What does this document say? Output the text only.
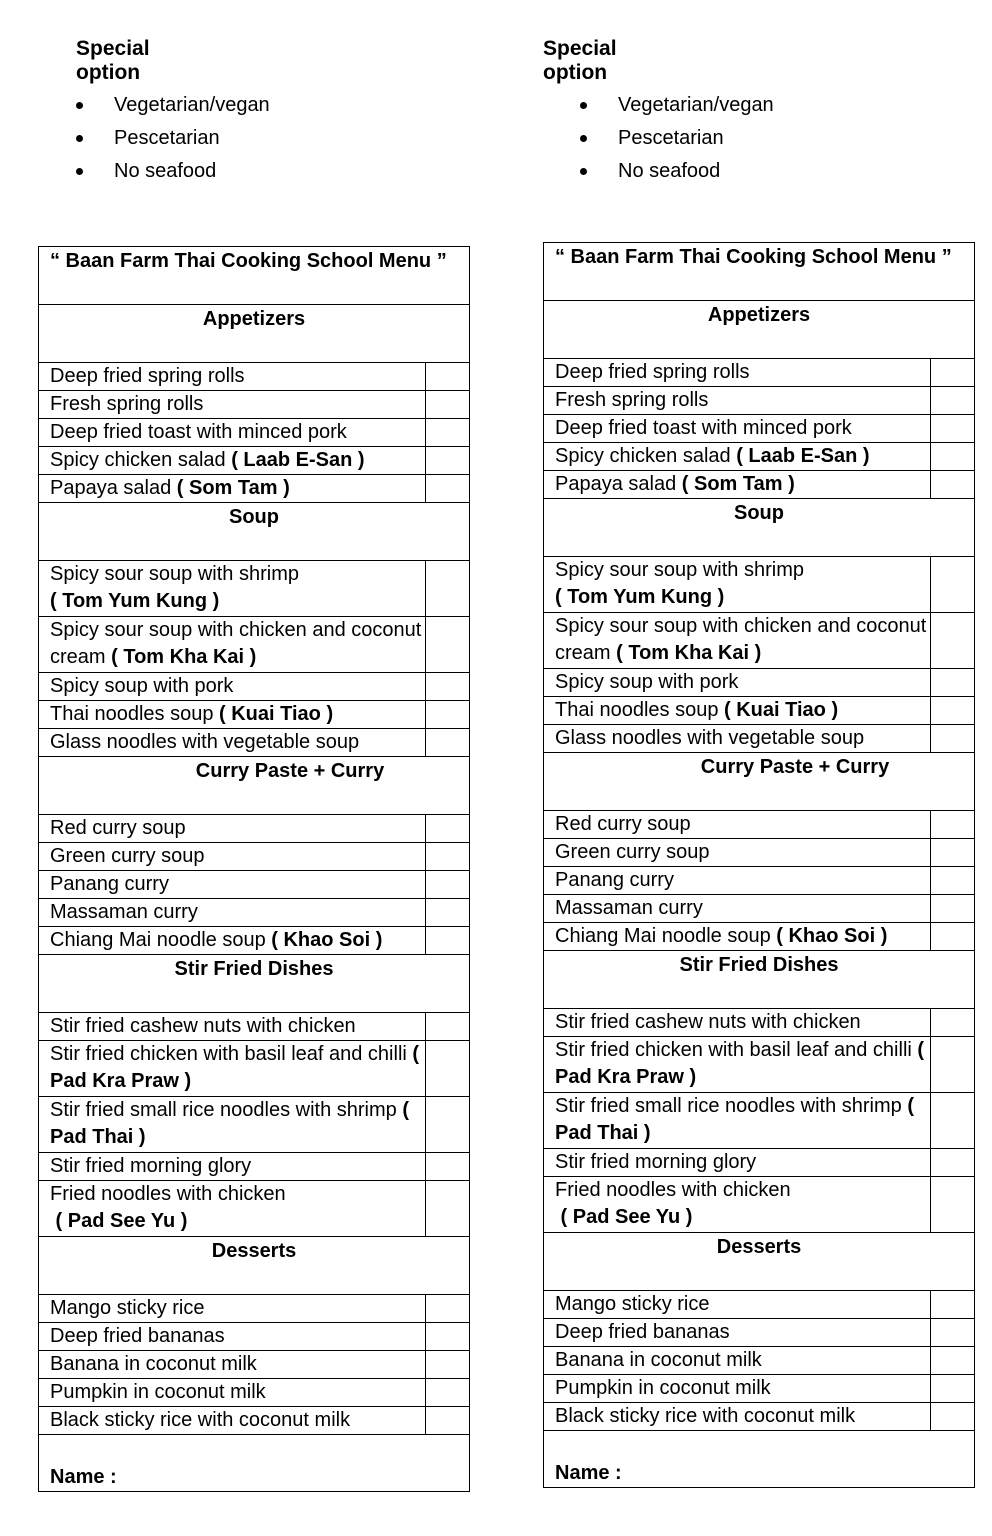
Special option
Vegetarian/vegan
Pescetarian
No seafood
“ Baan Farm Thai Cooking School Menu ”	
Appetizers	
Deep fried spring rolls	
Fresh spring rolls	
Deep fried toast with minced pork	
Spicy chicken salad ( Laab E-San )	
Papaya salad ( Som Tam )	
Soup	
Spicy sour soup with shrimp
( Tom Yum Kung )	
Spicy sour soup with chicken and coconut cream ( Tom Kha Kai )	
Spicy soup with pork	
Thai noodles soup ( Kuai Tiao )	
Glass noodles with vegetable soup	
Curry Paste + Curry	
Red curry soup	
Green curry soup	
Panang curry	
Massaman curry	
Chiang Mai noodle soup ( Khao Soi )	
Stir Fried Dishes	
Stir fried cashew nuts with chicken	
Stir fried chicken with basil leaf and chilli ( Pad Kra Praw )	
Stir fried small rice noodles with shrimp ( Pad Thai )	
Stir fried morning glory	
Fried noodles with chicken
( Pad See Yu )	
Desserts	
Mango sticky rice	
Deep fried bananas	
Banana in coconut milk	
Pumpkin in coconut milk	
Black sticky rice with coconut milk	
Name :	
Special option
Vegetarian/vegan
Pescetarian
No seafood
“ Baan Farm Thai Cooking School Menu ”	
Appetizers	
Deep fried spring rolls	
Fresh spring rolls	
Deep fried toast with minced pork	
Spicy chicken salad ( Laab E-San )	
Papaya salad ( Som Tam )	
Soup	
Spicy sour soup with shrimp
( Tom Yum Kung )	
Spicy sour soup with chicken and coconut cream ( Tom Kha Kai )	
Spicy soup with pork	
Thai noodles soup ( Kuai Tiao )	
Glass noodles with vegetable soup	
Curry Paste + Curry	
Red curry soup	
Green curry soup	
Panang curry	
Massaman curry	
Chiang Mai noodle soup ( Khao Soi )	
Stir Fried Dishes	
Stir fried cashew nuts with chicken	
Stir fried chicken with basil leaf and chilli ( Pad Kra Praw )	
Stir fried small rice noodles with shrimp ( Pad Thai )	
Stir fried morning glory	
Fried noodles with chicken
( Pad See Yu )	
Desserts	
Mango sticky rice	
Deep fried bananas	
Banana in coconut milk	
Pumpkin in coconut milk	
Black sticky rice with coconut milk	
Name :	
